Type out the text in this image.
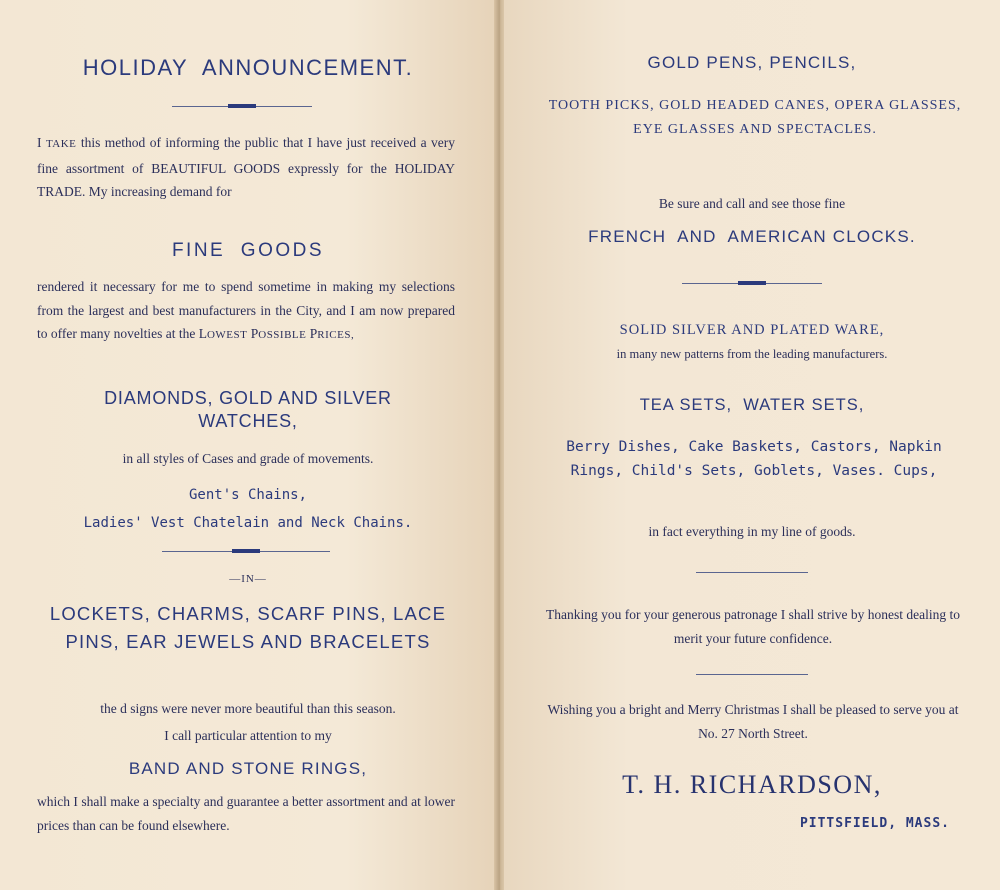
HOLIDAY  ANNOUNCEMENT.

I TAKE this method of informing the public that I have just received a very fine assortment of BEAUTIFUL GOODS expressly for the HOLIDAY TRADE. My increasing demand for

FINE  GOODS

rendered it necessary for me to spend sometime in making my selections from the largest and best manufacturers in the City, and I am now prepared to offer many novelties at the LOWEST POSSIBLE PRICES,

DIAMONDS, GOLD AND SILVER WATCHES,
in all styles of Cases and grade of movements.
Gent's Chains,
Ladies' Vest Chatelain and Neck Chains.
—IN—
LOCKETS, CHARMS, SCARF PINS, LACE PINS, EAR JEWELS AND BRACELETS
the d signs were never more beautiful than this season.
I call particular attention to my
BAND AND STONE RINGS,

which I shall make a specialty and guarantee a better assortment and at lower prices than can be found elsewhere.

GOLD PENS, PENCILS,
TOOTH PICKS, GOLD HEADED CANES, OPERA GLASSES, EYE GLASSES AND SPECTACLES.
Be sure and call and see those fine
FRENCH  AND  AMERICAN CLOCKS.
SOLID SILVER AND PLATED WARE,
in many new patterns from the leading manufacturers.
TEA SETS,  WATER SETS,
Berry Dishes, Cake Baskets, Castors, Napkin Rings, Child's Sets, Goblets, Vases. Cups,
in fact everything in my line of goods.

Thanking you for your generous patronage I shall strive by honest dealing to merit your future confidence.

Wishing you a bright and Merry Christmas I shall be pleased to serve you at No. 27 North Street.

T. H. RICHARDSON,
PITTSFIELD, MASS.
